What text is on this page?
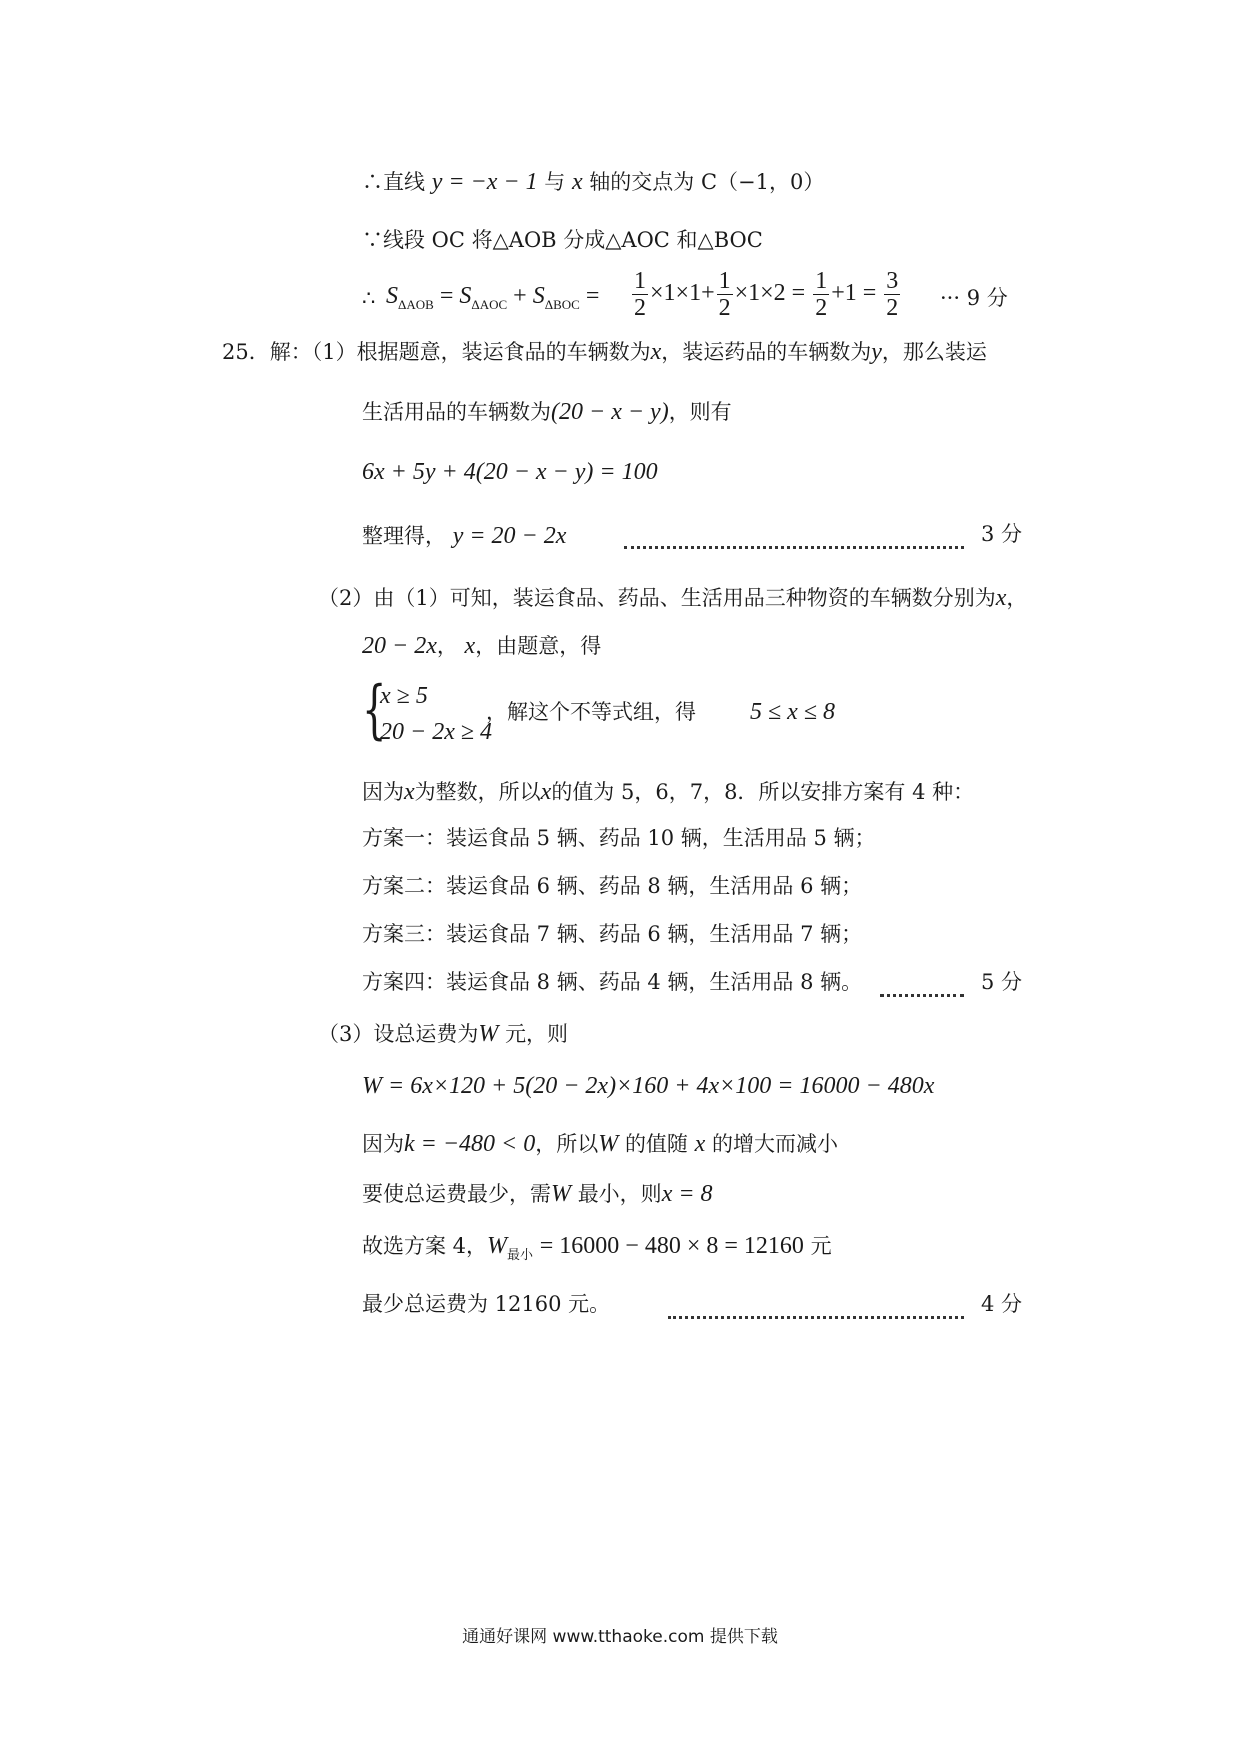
∴直线 y = −x − 1 与 x 轴的交点为 C（−1，0）
∵线段 OC 将△AOB 分成△AOC 和△BOC
∴ $S_{\Delta AOB} = S_{\Delta AOC} + S_{\Delta BOC} = \frac{1}{2} \times 1\times 1+ \frac{1}{2} \times 1\times 2 = \frac{1}{2} +1 = \frac{3}{2}$ ··· 9 分
25．解：（1）根据题意，装运食品的车辆数为x，装运药品的车辆数为y，那么装运
生活用品的车辆数为(20 − x − y)，则有
6x + 5y + 4(20 − x − y) = 100
整理得， y = 20 − 2x	3 分
（2）由（1）可知，装运食品、药品、生活用品三种物资的车辆数分别为x，
20 − 2x， x，由题意，得
{
x ≥ 5
20 − 2x ≥ 4
，解这个不等式组，得 5 ≤ x ≤ 8
因为x为整数，所以x的值为 5，6，7，8．所以安排方案有 4 种：
方案一：装运食品 5 辆、药品 10 辆，生活用品 5 辆；
方案二：装运食品 6 辆、药品 8 辆，生活用品 6 辆；
方案三：装运食品 7 辆、药品 6 辆，生活用品 7 辆；
方案四：装运食品 8 辆、药品 4 辆，生活用品 8 辆。	5 分
（3）设总运费为W 元，则
W = 6x×120 + 5(20 − 2x)×160 + 4x×100 = 16000 − 480x
因为k = −480 < 0，所以W 的值随 x 的增大而减小
要使总运费最少，需W 最小，则x = 8
故选方案 4，$W_{最小} = 16000 - 480 \times 8 = 12160$ 元
最少总运费为 12160 元。	4 分
通通好课网 www.tthaoke.com 提供下载
